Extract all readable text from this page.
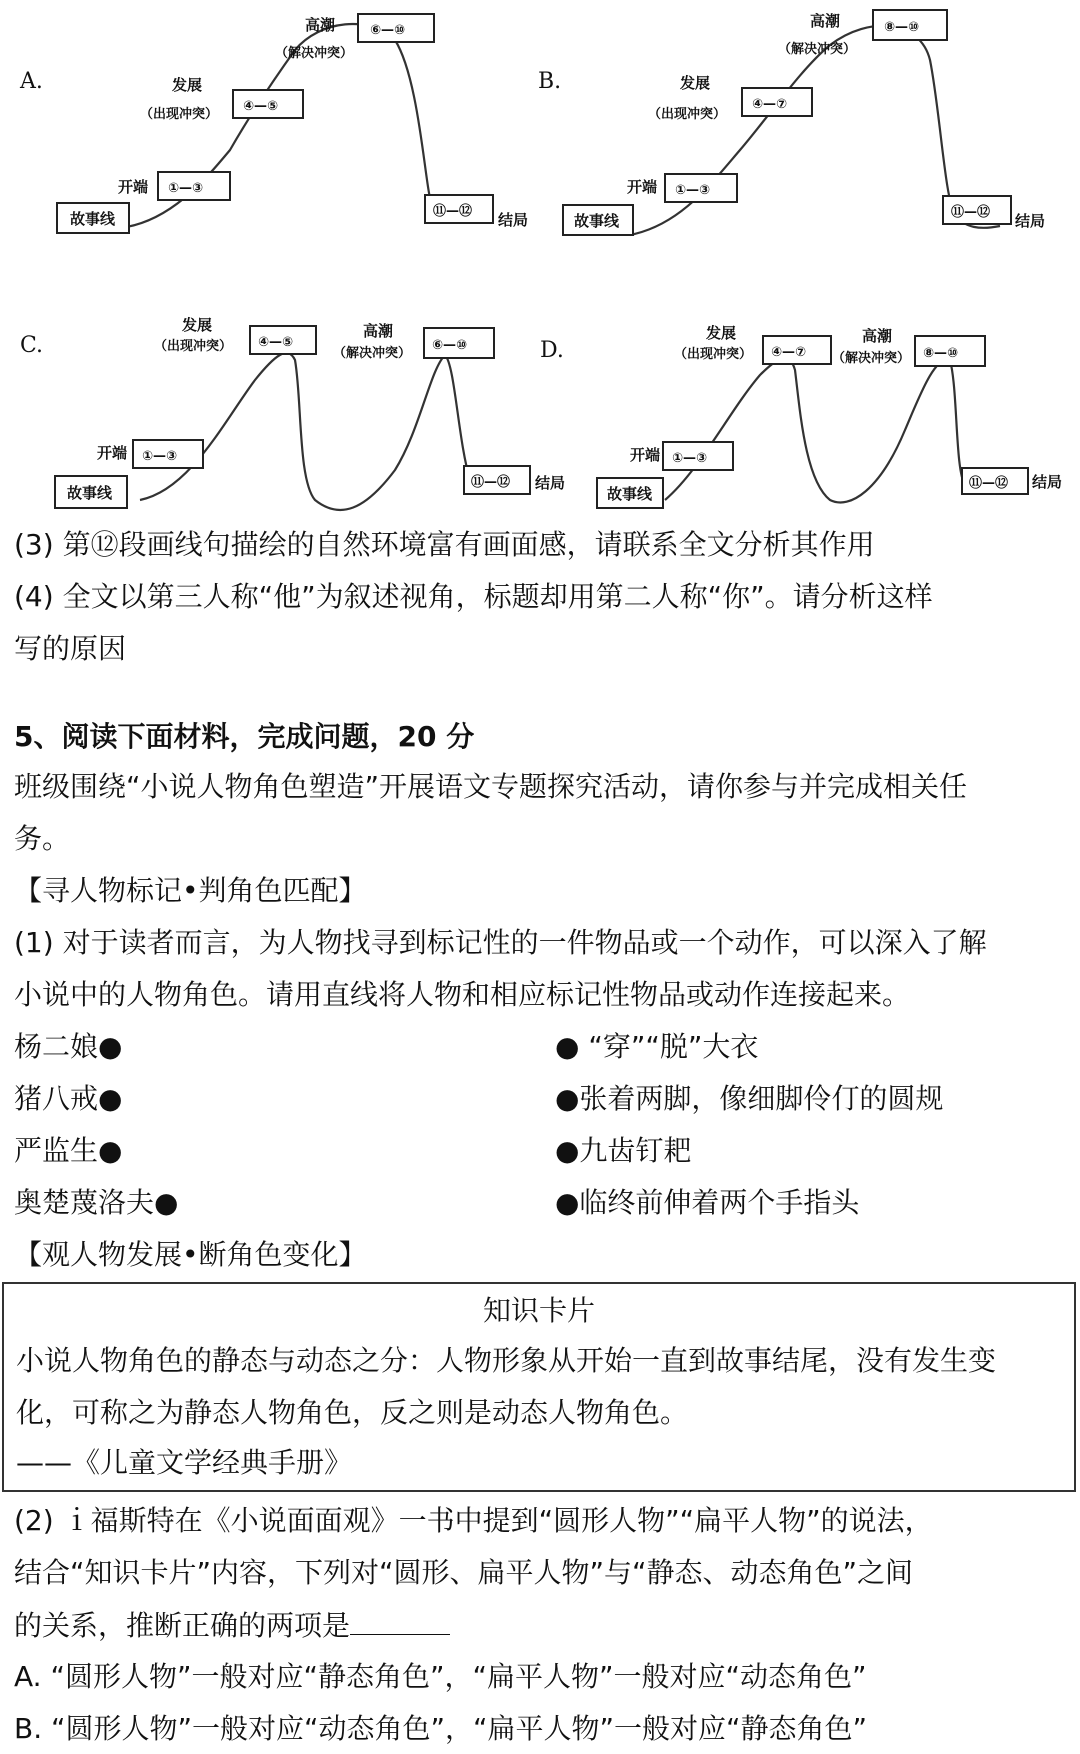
A.
故事线
①—③
开端
④—⑤
发展
（出现冲突）
⑥—⑩
高潮
（解决冲突）
⑪—⑫ 结局
B.
故事线
①—③
开端
④—⑦
发展
（出现冲突）
⑧—⑩
高潮
（解决冲突）
⑪—⑫ 结局
C.
故事线
①—③
开端
④—⑤
发展
（出现冲突）	⑥—⑩
高潮
（解决冲突）
⑪—⑫ 结局
D.
故事线
①—③
开端
④—⑦
发展
（出现冲突）	⑧—⑩
高潮
（解决冲突）
⑪—⑫ 结局
(3) 第⑫段画线句描绘的自然环境富有画面感，请联系全文分析其作用
(4) 全文以第三人称“他”为叙述视角，标题却用第二人称“你”。请分析这样
写的原因
5、阅读下面材料，完成问题，20 分
班级围绕“小说人物角色塑造”开展语文专题探究活动，请你参与并完成相关任
务。
【寻人物标记•判角色匹配】
(1) 对于读者而言，为人物找寻到标记性的一件物品或一个动作，可以深入了解
小说中的人物角色。请用直线将人物和相应标记性物品或动作连接起来。
杨二娘●	● “穿”“脱”大衣
猪八戒●	●张着两脚，像细脚伶仃的圆规
严监生●	●九齿钉耙
奥楚蔑洛夫●	●临终前伸着两个手指头
【观人物发展•断角色变化】
知识卡片
小说人物角色的静态与动态之分：人物形象从开始一直到故事结尾，没有发生变
化，可称之为静态人物角色，反之则是动态人物角色。
——《儿童文学经典手册》
(2) ｉ福斯特在《小说面面观》一书中提到“圆形人物”“扁平人物”的说法，
结合“知识卡片”内容，下列对“圆形、扁平人物”与“静态、动态角色”之间
的关系，推断正确的两项是
A. “圆形人物”一般对应“静态角色”，“扁平人物”一般对应“动态角色”
B. “圆形人物”一般对应“动态角色”，“扁平人物”一般对应“静态角色”
